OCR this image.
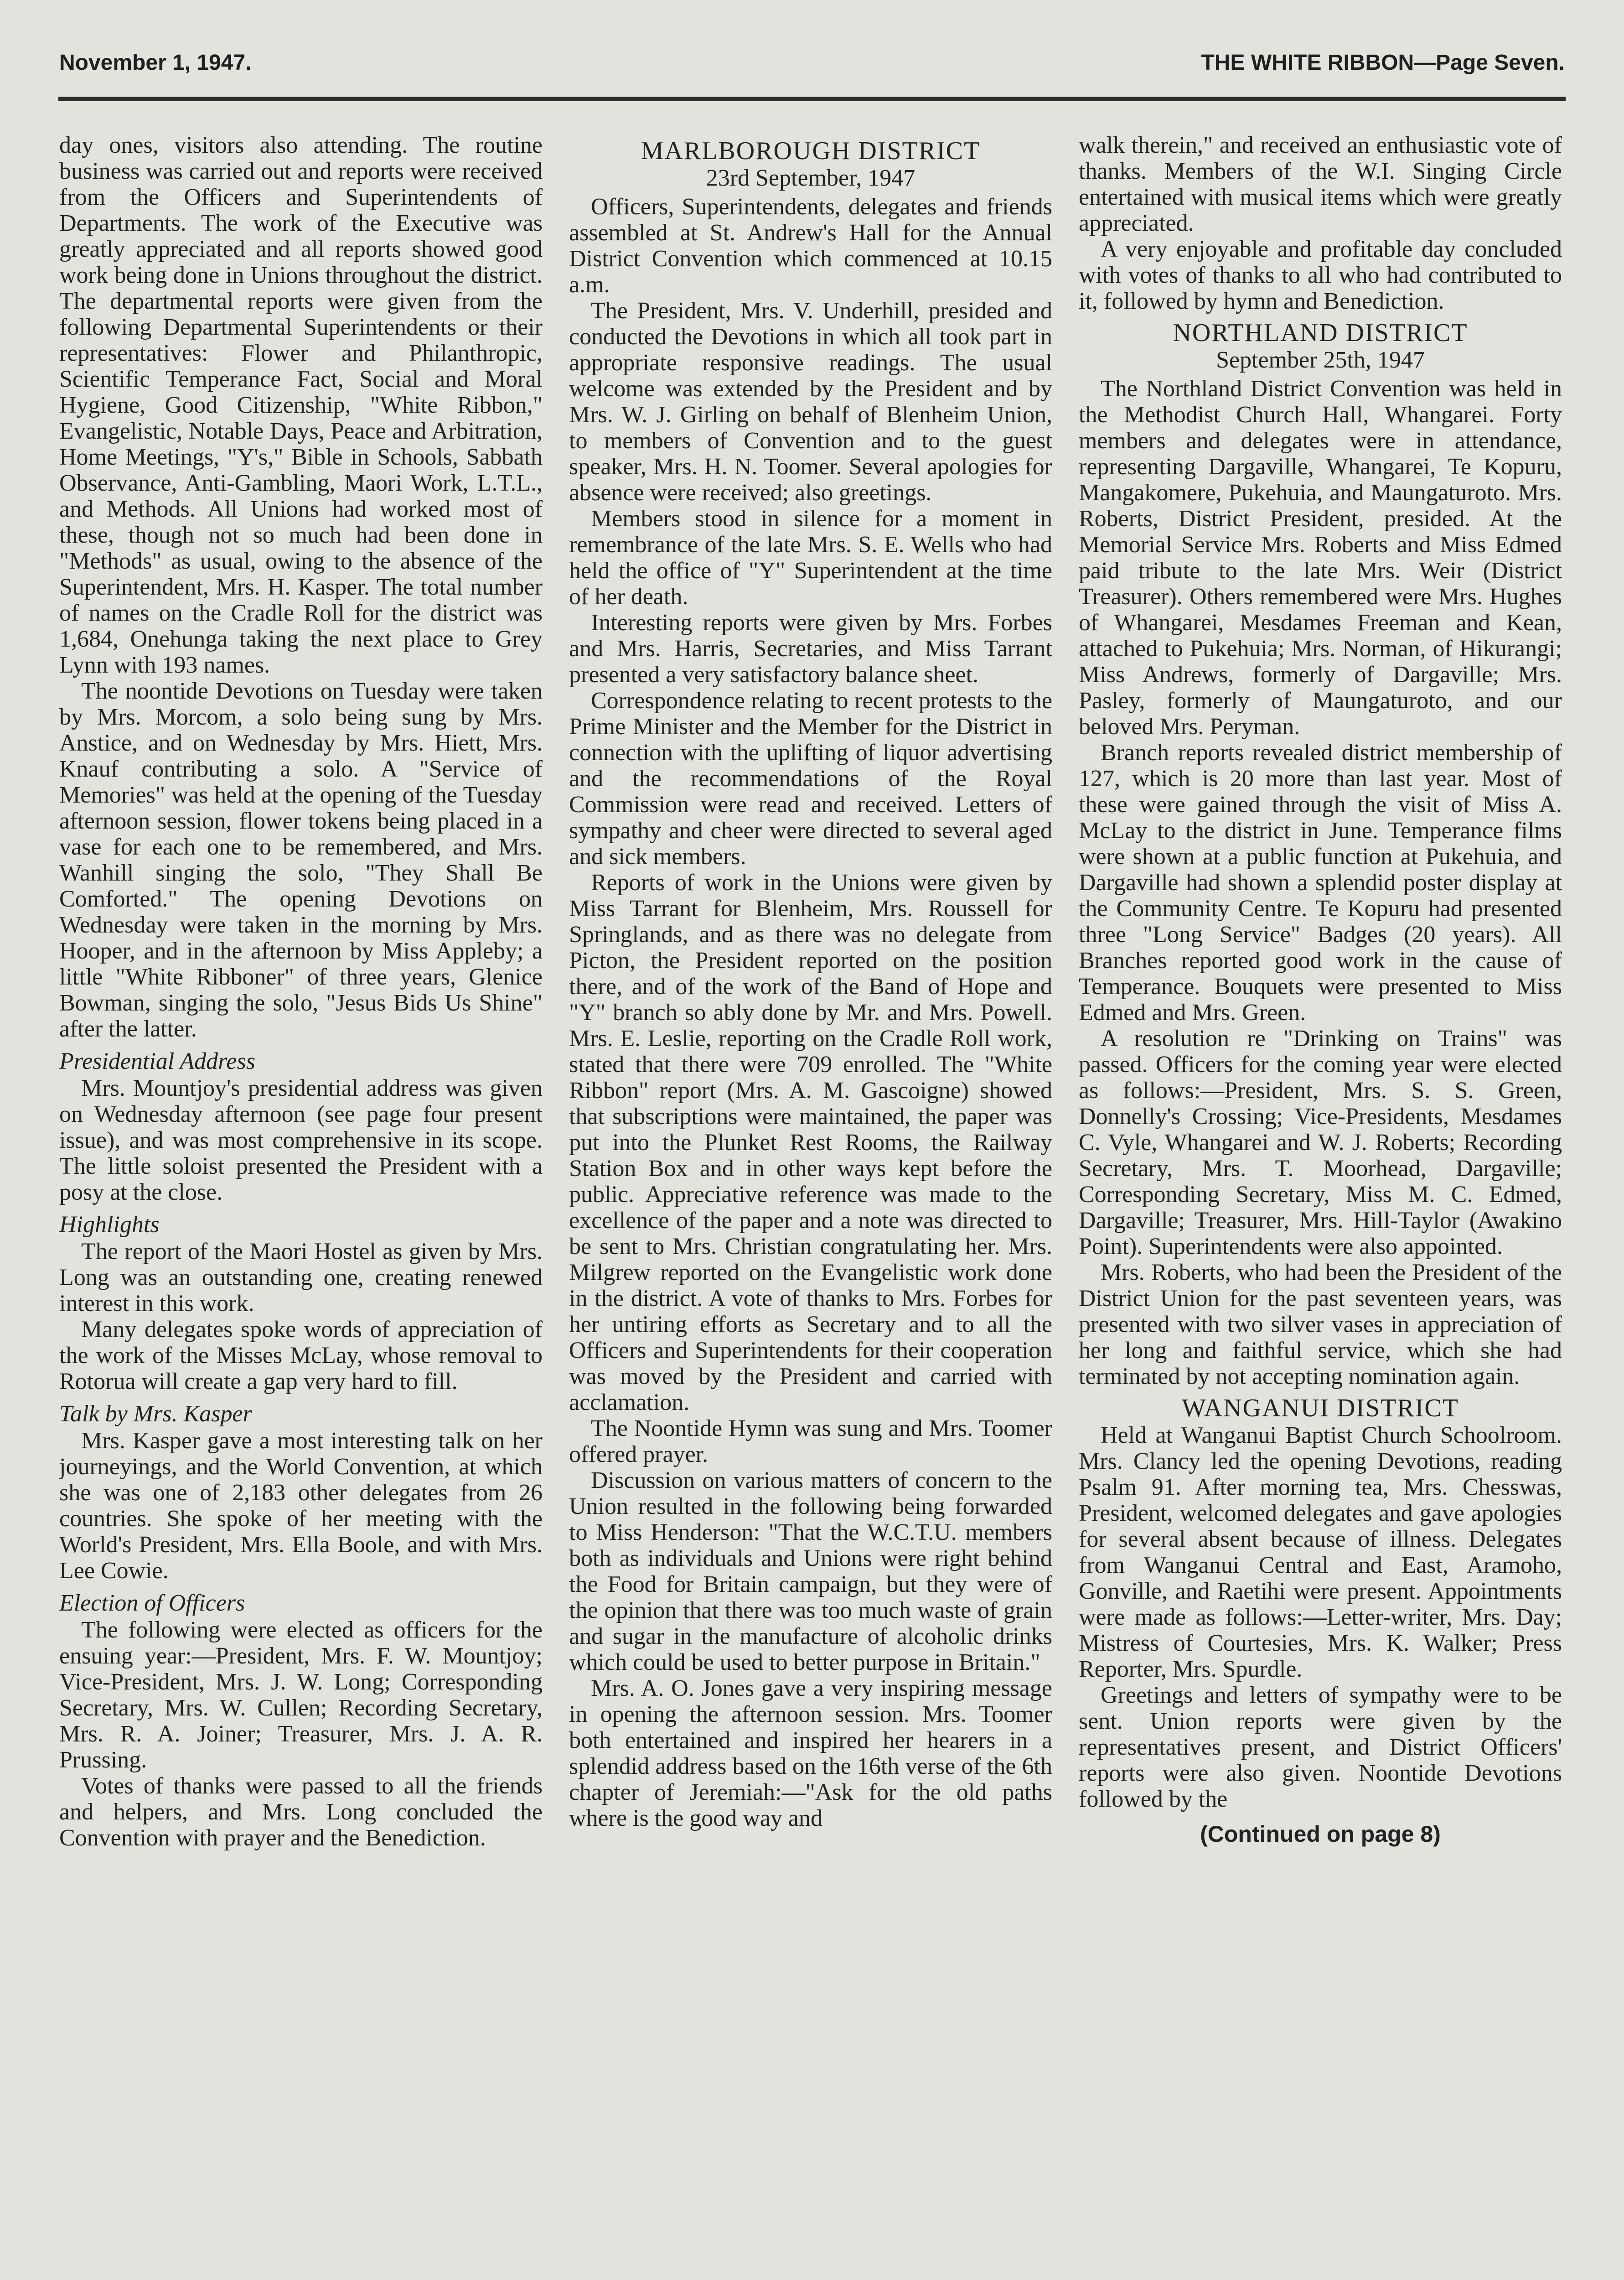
November 1, 1947.	THE WHITE RIBBON—Page Seven.

day ones, visitors also attending. The routine business was carried out and reports were received from the Officers and Superintendents of Departments. The work of the Executive was greatly appreciated and all reports showed good work being done in Unions throughout the district. The departmental reports were given from the following Departmental Superintendents or their representatives: Flower and Philanthropic, Scientific Temperance Fact, Social and Moral Hygiene, Good Citizenship, "White Ribbon," Evangelistic, Notable Days, Peace and Arbitration, Home Meetings, "Y's," Bible in Schools, Sabbath Observance, Anti-Gambling, Maori Work, L.T.L., and Methods. All Unions had worked most of these, though not so much had been done in "Methods" as usual, owing to the absence of the Superintendent, Mrs. H. Kasper. The total number of names on the Cradle Roll for the district was 1,684, Onehunga taking the next place to Grey Lynn with 193 names.

The noontide Devotions on Tuesday were taken by Mrs. Morcom, a solo being sung by Mrs. Anstice, and on Wednesday by Mrs. Hiett, Mrs. Knauf contributing a solo. A "Service of Memories" was held at the opening of the Tuesday afternoon session, flower tokens being placed in a vase for each one to be remembered, and Mrs. Wanhill singing the solo, "They Shall Be Comforted." The opening Devotions on Wednesday were taken in the morning by Mrs. Hooper, and in the afternoon by Miss Appleby; a little "White Ribboner" of three years, Glenice Bowman, singing the solo, "Jesus Bids Us Shine" after the latter.

Presidential Address

Mrs. Mountjoy's presidential address was given on Wednesday afternoon (see page four present issue), and was most comprehensive in its scope. The little soloist presented the President with a posy at the close.

Highlights

The report of the Maori Hostel as given by Mrs. Long was an outstanding one, creating renewed interest in this work.

Many delegates spoke words of appreciation of the work of the Misses McLay, whose removal to Rotorua will create a gap very hard to fill.

Talk by Mrs. Kasper

Mrs. Kasper gave a most interesting talk on her journeyings, and the World Convention, at which she was one of 2,183 other delegates from 26 countries. She spoke of her meeting with the World's President, Mrs. Ella Boole, and with Mrs. Lee Cowie.

Election of Officers

The following were elected as officers for the ensuing year:—President, Mrs. F. W. Mountjoy; Vice-President, Mrs. J. W. Long; Corresponding Secretary, Mrs. W. Cullen; Recording Secretary, Mrs. R. A. Joiner; Treasurer, Mrs. J. A. R. Prussing.

Votes of thanks were passed to all the friends and helpers, and Mrs. Long concluded the Convention with prayer and the Benediction.

MARLBOROUGH DISTRICT
23rd September, 1947

Officers, Superintendents, delegates and friends assembled at St. Andrew's Hall for the Annual District Convention which commenced at 10.15 a.m.

The President, Mrs. V. Underhill, presided and conducted the Devotions in which all took part in appropriate responsive readings. The usual welcome was extended by the President and by Mrs. W. J. Girling on behalf of Blenheim Union, to members of Convention and to the guest speaker, Mrs. H. N. Toomer. Several apologies for absence were received; also greetings.

Members stood in silence for a moment in remembrance of the late Mrs. S. E. Wells who had held the office of "Y" Superintendent at the time of her death.

Interesting reports were given by Mrs. Forbes and Mrs. Harris, Secretaries, and Miss Tarrant presented a very satisfactory balance sheet.

Correspondence relating to recent protests to the Prime Minister and the Member for the District in connection with the uplifting of liquor advertising and the recommendations of the Royal Commission were read and received. Letters of sympathy and cheer were directed to several aged and sick members.

Reports of work in the Unions were given by Miss Tarrant for Blenheim, Mrs. Roussell for Springlands, and as there was no delegate from Picton, the President reported on the position there, and of the work of the Band of Hope and "Y" branch so ably done by Mr. and Mrs. Powell. Mrs. E. Leslie, reporting on the Cradle Roll work, stated that there were 709 enrolled. The "White Ribbon" report (Mrs. A. M. Gascoigne) showed that subscriptions were maintained, the paper was put into the Plunket Rest Rooms, the Railway Station Box and in other ways kept before the public. Appreciative reference was made to the excellence of the paper and a note was directed to be sent to Mrs. Christian congratulating her. Mrs. Milgrew reported on the Evangelistic work done in the district. A vote of thanks to Mrs. Forbes for her untiring efforts as Secretary and to all the Officers and Superintendents for their cooperation was moved by the President and carried with acclamation.

The Noontide Hymn was sung and Mrs. Toomer offered prayer.

Discussion on various matters of concern to the Union resulted in the following being forwarded to Miss Henderson: "That the W.C.T.U. members both as individuals and Unions were right behind the Food for Britain campaign, but they were of the opinion that there was too much waste of grain and sugar in the manufacture of alcoholic drinks which could be used to better purpose in Britain."

Mrs. A. O. Jones gave a very inspiring message in opening the afternoon session. Mrs. Toomer both entertained and inspired her hearers in a splendid address based on the 16th verse of the 6th chapter of Jeremiah:—"Ask for the old paths where is the good way and

walk therein," and received an enthusiastic vote of thanks. Members of the W.I. Singing Circle entertained with musical items which were greatly appreciated.

A very enjoyable and profitable day concluded with votes of thanks to all who had contributed to it, followed by hymn and Benediction.

NORTHLAND DISTRICT
September 25th, 1947

The Northland District Convention was held in the Methodist Church Hall, Whangarei. Forty members and delegates were in attendance, representing Dargaville, Whangarei, Te Kopuru, Mangakomere, Pukehuia, and Maungaturoto. Mrs. Roberts, District President, presided. At the Memorial Service Mrs. Roberts and Miss Edmed paid tribute to the late Mrs. Weir (District Treasurer). Others remembered were Mrs. Hughes of Whangarei, Mesdames Freeman and Kean, attached to Pukehuia; Mrs. Norman, of Hikurangi; Miss Andrews, formerly of Dargaville; Mrs. Pasley, formerly of Maungaturoto, and our beloved Mrs. Peryman.

Branch reports revealed district membership of 127, which is 20 more than last year. Most of these were gained through the visit of Miss A. McLay to the district in June. Temperance films were shown at a public function at Pukehuia, and Dargaville had shown a splendid poster display at the Community Centre. Te Kopuru had presented three "Long Service" Badges (20 years). All Branches reported good work in the cause of Temperance. Bouquets were presented to Miss Edmed and Mrs. Green.

A resolution re "Drinking on Trains" was passed. Officers for the coming year were elected as follows:—President, Mrs. S. S. Green, Donnelly's Crossing; Vice-Presidents, Mesdames C. Vyle, Whangarei and W. J. Roberts; Recording Secretary, Mrs. T. Moorhead, Dargaville; Corresponding Secretary, Miss M. C. Edmed, Dargaville; Treasurer, Mrs. Hill-Taylor (Awakino Point). Superintendents were also appointed.

Mrs. Roberts, who had been the President of the District Union for the past seventeen years, was presented with two silver vases in appreciation of her long and faithful service, which she had terminated by not accepting nomination again.

WANGANUI DISTRICT

Held at Wanganui Baptist Church Schoolroom. Mrs. Clancy led the opening Devotions, reading Psalm 91. After morning tea, Mrs. Chesswas, President, welcomed delegates and gave apologies for several absent because of illness. Delegates from Wanganui Central and East, Aramoho, Gonville, and Raetihi were present. Appointments were made as follows:—Letter-writer, Mrs. Day; Mistress of Courtesies, Mrs. K. Walker; Press Reporter, Mrs. Spurdle.

Greetings and letters of sympathy were to be sent. Union reports were given by the representatives present, and District Officers' reports were also given. Noontide Devotions followed by the

(Continued on page 8)
